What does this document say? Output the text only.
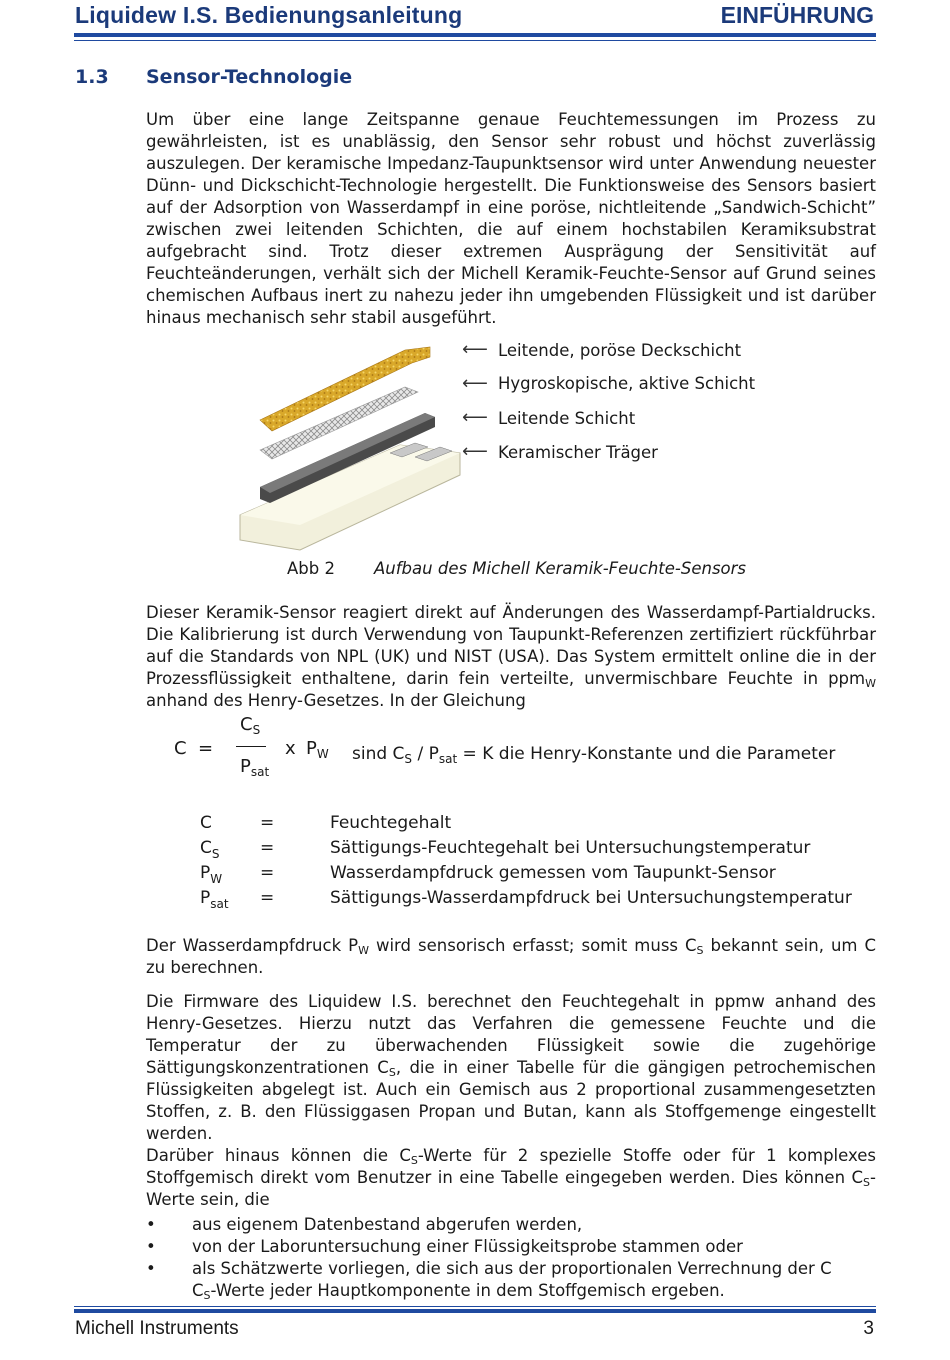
Liquidew I.S. Bedienungsanleitung	EINFÜHRUNG
1.3 Sensor-Technologie
Um über eine lange Zeitspanne genaue Feuchtemessungen im Prozess zu gewährleisten, ist es unablässig, den Sensor sehr robust und höchst zuverlässig auszulegen. Der keramische Impedanz-Taupunktsensor wird unter Anwendung neuester Dünn- und Dickschicht-Technologie hergestellt. Die Funktionsweise des Sensors basiert auf der Adsorption von Wasserdampf in eine poröse, nichtleitende „Sandwich-Schicht” zwischen zwei leitenden Schichten, die auf einem hochstabilen Keramiksubstrat aufgebracht sind. Trotz dieser extremen Ausprägung der Sensitivität auf Feuchteänderungen, verhält sich der Michell Keramik-Feuchte-Sensor auf Grund seines chemischen Aufbaus inert zu nahezu jeder ihn umgebenden Flüssigkeit und ist darüber hinaus mechanisch sehr stabil ausgeführt.
⟵ Leitende, poröse Deckschicht
⟵ Hygroskopische, aktive Schicht
⟵ Leitende Schicht
⟵ Keramischer Träger
Abb 2 Aufbau des Michell Keramik-Feuchte-Sensors
Dieser Keramik-Sensor reagiert direkt auf Änderungen des Wasserdampf-Partialdrucks. Die Kalibrierung ist durch Verwendung von Taupunkt-Referenzen zertifiziert rückführbar auf die Standards von NPL (UK) und NIST (USA). Das System ermittelt online die in der Prozessflüssigkeit enthaltene, darin fein verteilte, unvermischbare Feuchte in ppm$_W$ anhand des Henry-Gesetzes. In der Gleichung
C =
$C_S$
$P_{sat}$
x $P_W$ sind $C_S / P_{sat} = K$ die Henry-Konstante und die Parameter
C	=	Feuchtegehalt
$C_S$	=	Sättigungs-Feuchtegehalt bei Untersuchungstemperatur
$P_W$	=	Wasserdampfdruck gemessen vom Taupunkt-Sensor
$P_{sat}$	=	Sättigungs-Wasserdampfdruck bei Untersuchungstemperatur
Der Wasserdampfdruck $P_W$ wird sensorisch erfasst; somit muss $C_S$ bekannt sein, um C zu berechnen.
Die Firmware des Liquidew I.S. berechnet den Feuchtegehalt in ppmw anhand des Henry-Gesetzes. Hierzu nutzt das Verfahren die gemessene Feuchte und die Temperatur der zu überwachenden Flüssigkeit sowie die zugehörige Sättigungskonzentrationen $C_S$, die in einer Tabelle für die gängigen petrochemischen Flüssigkeiten abgelegt ist. Auch ein Gemisch aus 2 proportional zusammengesetzten Stoffen, z. B. den Flüssiggasen Propan und Butan, kann als Stoffgemenge eingestellt werden.
Darüber hinaus können die $C_S$-Werte für 2 spezielle Stoffe oder für 1 komplexes Stoffgemisch direkt vom Benutzer in eine Tabelle eingegeben werden. Dies können $C_S$-Werte sein, die
• aus eigenem Datenbestand abgerufen werden,
• von der Laboruntersuchung einer Flüssigkeitsprobe stammen oder
• als Schätzwerte vorliegen, die sich aus der proportionalen Verrechnung der C
$C_S$-Werte jeder Hauptkomponente in dem Stoffgemisch ergeben.
Michell Instruments	3
